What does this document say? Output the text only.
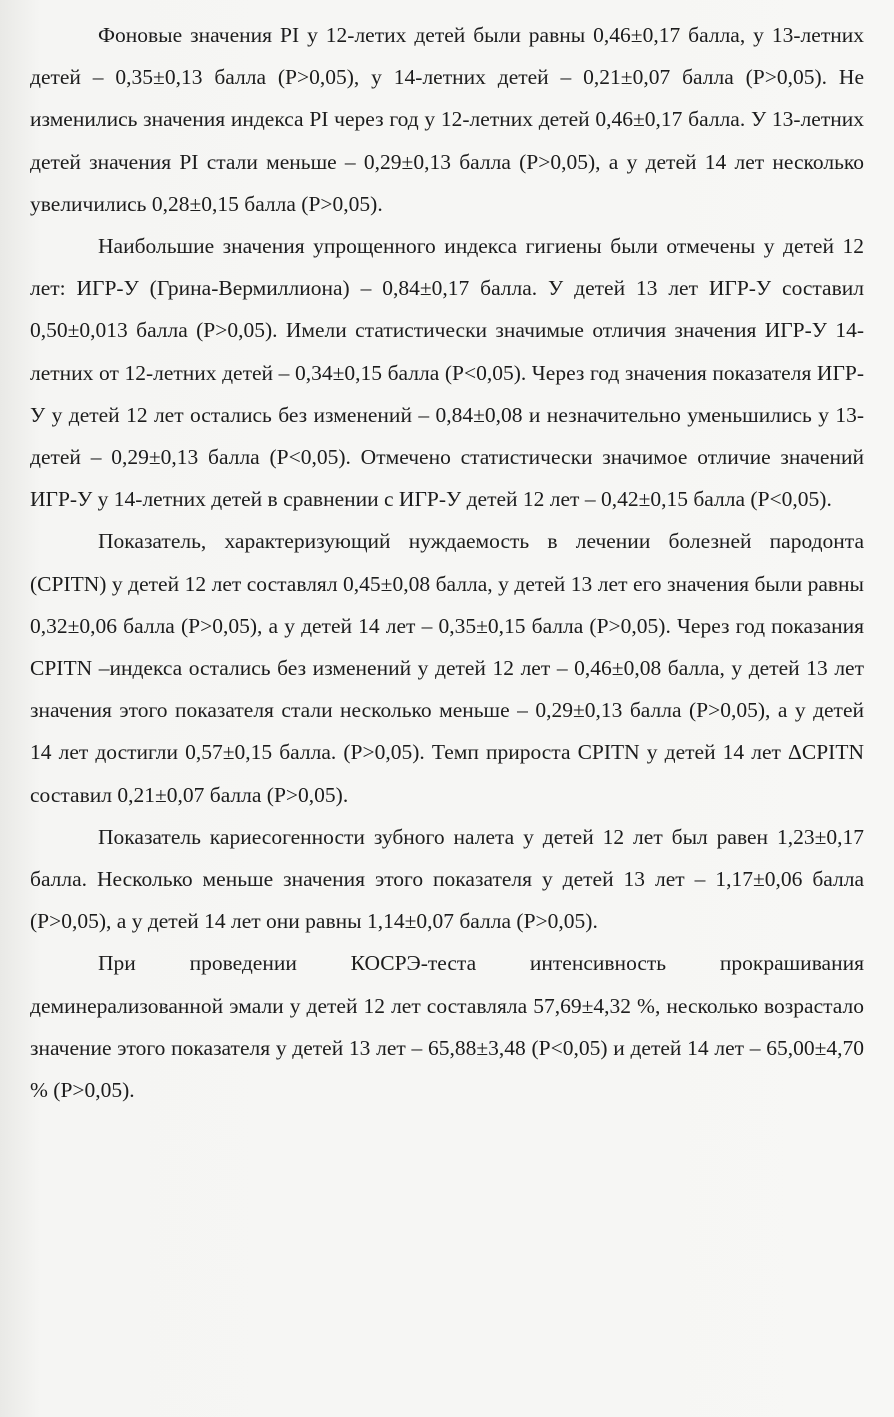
Фоновые значения PI у 12-летих детей были равны 0,46±0,17 балла, у 13-летних детей – 0,35±0,13 балла (P>0,05), у 14-летних детей – 0,21±0,07 балла (P>0,05). Не изменились значения индекса PI через год у 12-летних детей 0,46±0,17 балла. У 13-летних детей значения PI стали меньше – 0,29±0,13 балла (P>0,05), а у детей 14 лет несколько увеличились 0,28±0,15 балла (P>0,05).

Наибольшие значения упрощенного индекса гигиены были отмечены у детей 12 лет: ИГР-У (Грина-Вермиллиона) – 0,84±0,17 балла. У детей 13 лет ИГР-У составил 0,50±0,013 балла (P>0,05). Имели статистически значимые отличия значения ИГР-У 14-летних от 12-летних детей – 0,34±0,15 балла (P<0,05). Через год значения показателя ИГР-У у детей 12 лет остались без изменений – 0,84±0,08 и незначительно уменьшились у 13-детей – 0,29±0,13 балла (P<0,05). Отмечено статистически значимое отличие значений ИГР-У у 14-летних детей в сравнении с ИГР-У детей 12 лет – 0,42±0,15 балла (P<0,05).

Показатель, характеризующий нуждаемость в лечении болезней пародонта (CPITN) у детей 12 лет составлял 0,45±0,08 балла, у детей 13 лет его значения были равны 0,32±0,06 балла (P>0,05), а у детей 14 лет – 0,35±0,15 балла (P>0,05). Через год показания CPITN –индекса остались без изменений у детей 12 лет – 0,46±0,08 балла, у детей 13 лет значения этого показателя стали несколько меньше – 0,29±0,13 балла (P>0,05), а у детей 14 лет достигли 0,57±0,15 балла. (P>0,05). Темп прироста CPITN у детей 14 лет ΔCPITN составил 0,21±0,07 балла (P>0,05).

Показатель кариесогенности зубного налета у детей 12 лет был равен 1,23±0,17 балла. Несколько меньше значения этого показателя у детей 13 лет – 1,17±0,06 балла (P>0,05), а у детей 14 лет они равны 1,14±0,07 балла (P>0,05).

При проведении КОСРЭ-теста интенсивность прокрашивания деминерализованной эмали у детей 12 лет составляла 57,69±4,32 %, несколько возрастало значение этого показателя у детей 13 лет – 65,88±3,48 (P<0,05) и детей 14 лет – 65,00±4,70 % (P>0,05).
